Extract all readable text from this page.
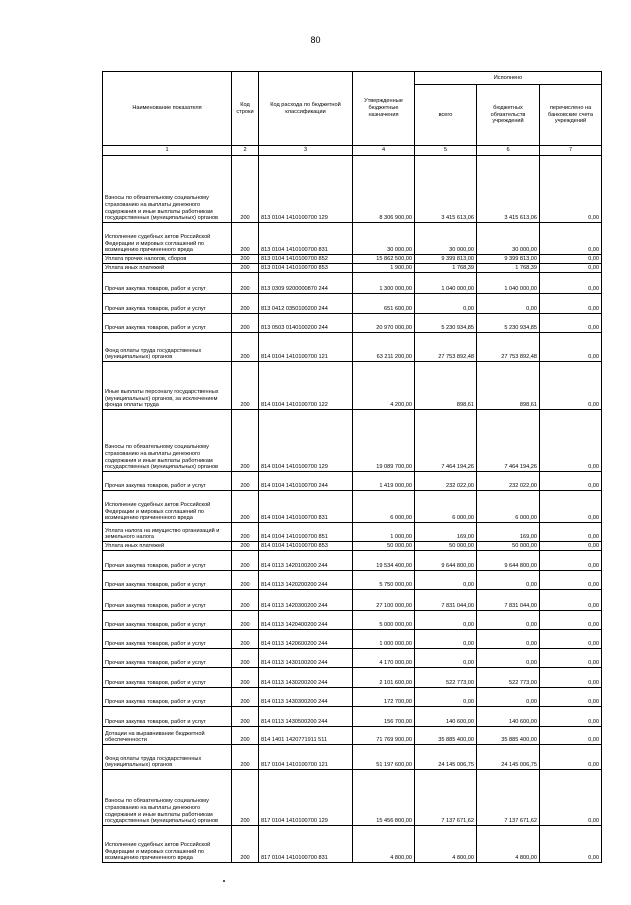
80
Наименование показателя	Код строки	Код расхода по бюджетной классификации	Утвержденные бюджетные назначения	Исполнено		
				всего	бюджетных обязательств учреждений	перечислено на банковские счета учреждений
1	2	3	4	5	6	7
Взносы по обязательному социальному страхованию на выплаты денежного содержания и иные выплаты работникам государственных (муниципальных) органов	200	813 0104 1410100700 129	8 306 900,00	3 415 613,06	3 415 613,06	0,00
Исполнение судебных актов Российской Федерации и мировых соглашений по возмещению причиненного вреда	200	813 0104 1410100700 831	30 000,00	30 000,00	30 000,00	0,00
Уплата прочих налогов, сборов	200	813 0104 1410100700 852	15 862 500,00	9 399 813,00	9 399 813,00	0,00
Уплата иных платежей	200	813 0104 1410100700 853	1 900,00	1 768,39	1 768,39	0,00
Прочая закупка товаров, работ и услуг	200	813 0309 9200000870 244	1 300 000,00	1 040 000,00	1 040 000,00	0,00
Прочая закупка товаров, работ и услуг	200	813 0412 0350100200 244	651 600,00	0,00	0,00	0,00
Прочая закупка товаров, работ и услуг	200	813 0503 0140100200 244	20 970 000,00	5 230 934,85	5 230 934,85	0,00
Фонд оплаты труда государственных (муниципальных) органов	200	814 0104 1410100700 121	63 211 200,00	27 753 892,48	27 753 892,48	0,00
Иные выплаты персоналу государственных (муниципальных) органов, за исключением фонда оплаты труда	200	814 0104 1410100700 122	4 200,00	898,61	898,61	0,00
Взносы по обязательному социальному страхованию на выплаты денежного содержания и иные выплаты работникам государственных (муниципальных) органов	200	814 0104 1410100700 129	19 089 700,00	7 464 194,26	7 464 194,26	0,00
Прочая закупка товаров, работ и услуг	200	814 0104 1410100700 244	1 419 000,00	232 022,00	232 022,00	0,00
Исполнение судебных актов Российской Федерации и мировых соглашений по возмещению причиненного вреда	200	814 0104 1410100700 831	6 000,00	6 000,00	6 000,00	0,00
Уплата налога на имущество организаций и земельного налога	200	814 0104 1410100700 851	1 000,00	169,00	169,00	0,00
Уплата иных платежей	200	814 0104 1410100700 853	50 000,00	50 000,00	50 000,00	0,00
Прочая закупка товаров, работ и услуг	200	814 0113 1420100200 244	19 534 400,00	9 644 800,00	9 644 800,00	0,00
Прочая закупка товаров, работ и услуг	200	814 0113 1420200200 244	5 750 000,00	0,00	0,00	0,00
Прочая закупка товаров, работ и услуг	200	814 0113 1420300200 244	27 100 000,00	7 831 044,00	7 831 044,00	0,00
Прочая закупка товаров, работ и услуг	200	814 0113 1420400200 244	5 000 000,00	0,00	0,00	0,00
Прочая закупка товаров, работ и услуг	200	814 0113 1420600200 244	1 000 000,00	0,00	0,00	0,00
Прочая закупка товаров, работ и услуг	200	814 0113 1430100200 244	4 170 000,00	0,00	0,00	0,00
Прочая закупка товаров, работ и услуг	200	814 0113 1430200200 244	2 101 600,00	522 773,00	522 773,00	0,00
Прочая закупка товаров, работ и услуг	200	814 0113 1430300200 244	172 700,00	0,00	0,00	0,00
Прочая закупка товаров, работ и услуг	200	814 0113 1430500200 244	156 700,00	140 600,00	140 600,00	0,00
Дотации на выравнивание бюджетной обеспеченности	200	814 1401 1420771911 511	71 769 900,00	35 885 400,00	35 885 400,00	0,00
Фонд оплаты труда государственных (муниципальных) органов	200	817 0104 1410100700 121	51 197 600,00	24 145 006,75	24 145 006,75	0,00
Взносы по обязательному социальному страхованию на выплаты денежного содержания и иные выплаты работникам государственных (муниципальных) органов	200	817 0104 1410100700 129	15 456 800,00	7 137 671,62	7 137 671,62	0,00
Исполнение судебных актов Российской Федерации и мировых соглашений по возмещению причиненного вреда	200	817 0104 1410100700 831	4 800,00	4 800,00	4 800,00	0,00
